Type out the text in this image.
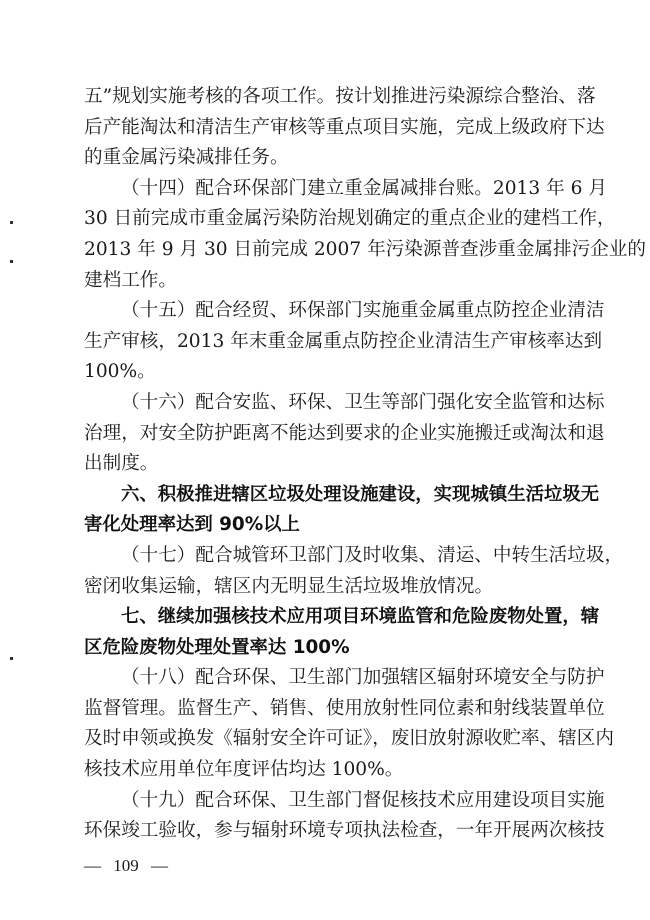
五”规划实施考核的各项工作。按计划推进污染源综合整治、落
后产能淘汰和清洁生产审核等重点项目实施，完成上级政府下达
的重金属污染减排任务。
（十四）配合环保部门建立重金属减排台账。2013 年 6 月
30 日前完成市重金属污染防治规划确定的重点企业的建档工作，
2013 年 9 月 30 日前完成 2007 年污染源普查涉重金属排污企业的
建档工作。
（十五）配合经贸、环保部门实施重金属重点防控企业清洁
生产审核，2013 年末重金属重点防控企业清洁生产审核率达到
100%。
（十六）配合安监、环保、卫生等部门强化安全监管和达标
治理，对安全防护距离不能达到要求的企业实施搬迁或淘汰和退
出制度。
六、积极推进辖区垃圾处理设施建设，实现城镇生活垃圾无
害化处理率达到 90%以上
（十七）配合城管环卫部门及时收集、清运、中转生活垃圾，
密闭收集运输，辖区内无明显生活垃圾堆放情况。
七、继续加强核技术应用项目环境监管和危险废物处置，辖
区危险废物处理处置率达 100%
（十八）配合环保、卫生部门加强辖区辐射环境安全与防护
监督管理。监督生产、销售、使用放射性同位素和射线装置单位
及时申领或换发《辐射安全许可证》，废旧放射源收贮率、辖区内
核技术应用单位年度评估均达 100%。
（十九）配合环保、卫生部门督促核技术应用建设项目实施
环保竣工验收，参与辐射环境专项执法检查，一年开展两次核技
— 109 —
